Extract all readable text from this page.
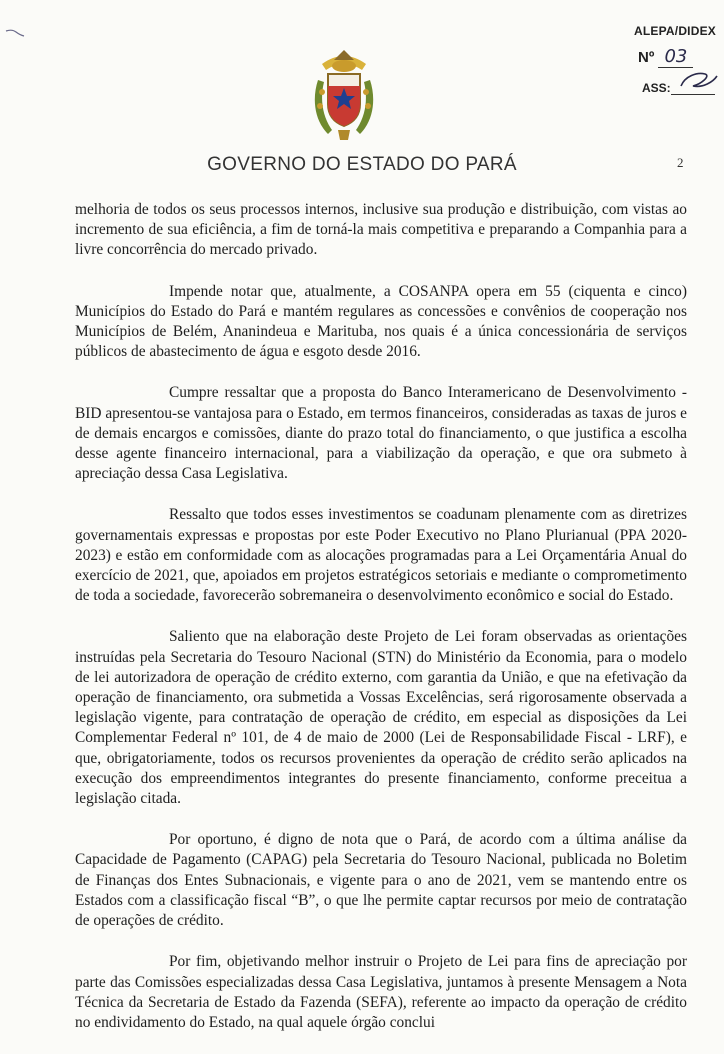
ALEPA/DIDEX
Nº 03
ASS:
GOVERNO DO ESTADO DO PARÁ	2

melhoria de todos os seus processos internos, inclusive sua produção e distribuição, com vistas ao incremento de sua eficiência, a fim de torná-la mais competitiva e preparando a Companhia para a livre concorrência do mercado privado.

Impende notar que, atualmente, a COSANPA opera em 55 (ciquenta e cinco) Municípios do Estado do Pará e mantém regulares as concessões e convênios de cooperação nos Municípios de Belém, Ananindeua e Marituba, nos quais é a única concessionária de serviços públicos de abastecimento de água e esgoto desde 2016.

Cumpre ressaltar que a proposta do Banco Interamericano de Desenvolvimento - BID apresentou-se vantajosa para o Estado, em termos financeiros, consideradas as taxas de juros e de demais encargos e comissões, diante do prazo total do financiamento, o que justifica a escolha desse agente financeiro internacional, para a viabilização da operação, e que ora submeto à apreciação dessa Casa Legislativa.

Ressalto que todos esses investimentos se coadunam plenamente com as diretrizes governamentais expressas e propostas por este Poder Executivo no Plano Plurianual (PPA 2020-2023) e estão em conformidade com as alocações programadas para a Lei Orçamentária Anual do exercício de 2021, que, apoiados em projetos estratégicos setoriais e mediante o comprometimento de toda a sociedade, favorecerão sobremaneira o desenvolvimento econômico e social do Estado.

Saliento que na elaboração deste Projeto de Lei foram observadas as orientações instruídas pela Secretaria do Tesouro Nacional (STN) do Ministério da Economia, para o modelo de lei autorizadora de operação de crédito externo, com garantia da União, e que na efetivação da operação de financiamento, ora submetida a Vossas Excelências, será rigorosamente observada a legislação vigente, para contratação de operação de crédito, em especial as disposições da Lei Complementar Federal nº 101, de 4 de maio de 2000 (Lei de Responsabilidade Fiscal - LRF), e que, obrigatoriamente, todos os recursos provenientes da operação de crédito serão aplicados na execução dos empreendimentos integrantes do presente financiamento, conforme preceitua a legislação citada.

Por oportuno, é digno de nota que o Pará, de acordo com a última análise da Capacidade de Pagamento (CAPAG) pela Secretaria do Tesouro Nacional, publicada no Boletim de Finanças dos Entes Subnacionais, e vigente para o ano de 2021, vem se mantendo entre os Estados com a classificação fiscal “B”, o que lhe permite captar recursos por meio de contratação de operações de crédito.

Por fim, objetivando melhor instruir o Projeto de Lei para fins de apreciação por parte das Comissões especializadas dessa Casa Legislativa, juntamos à presente Mensagem a Nota Técnica da Secretaria de Estado da Fazenda (SEFA), referente ao impacto da operação de crédito no endividamento do Estado, na qual aquele órgão conclui
